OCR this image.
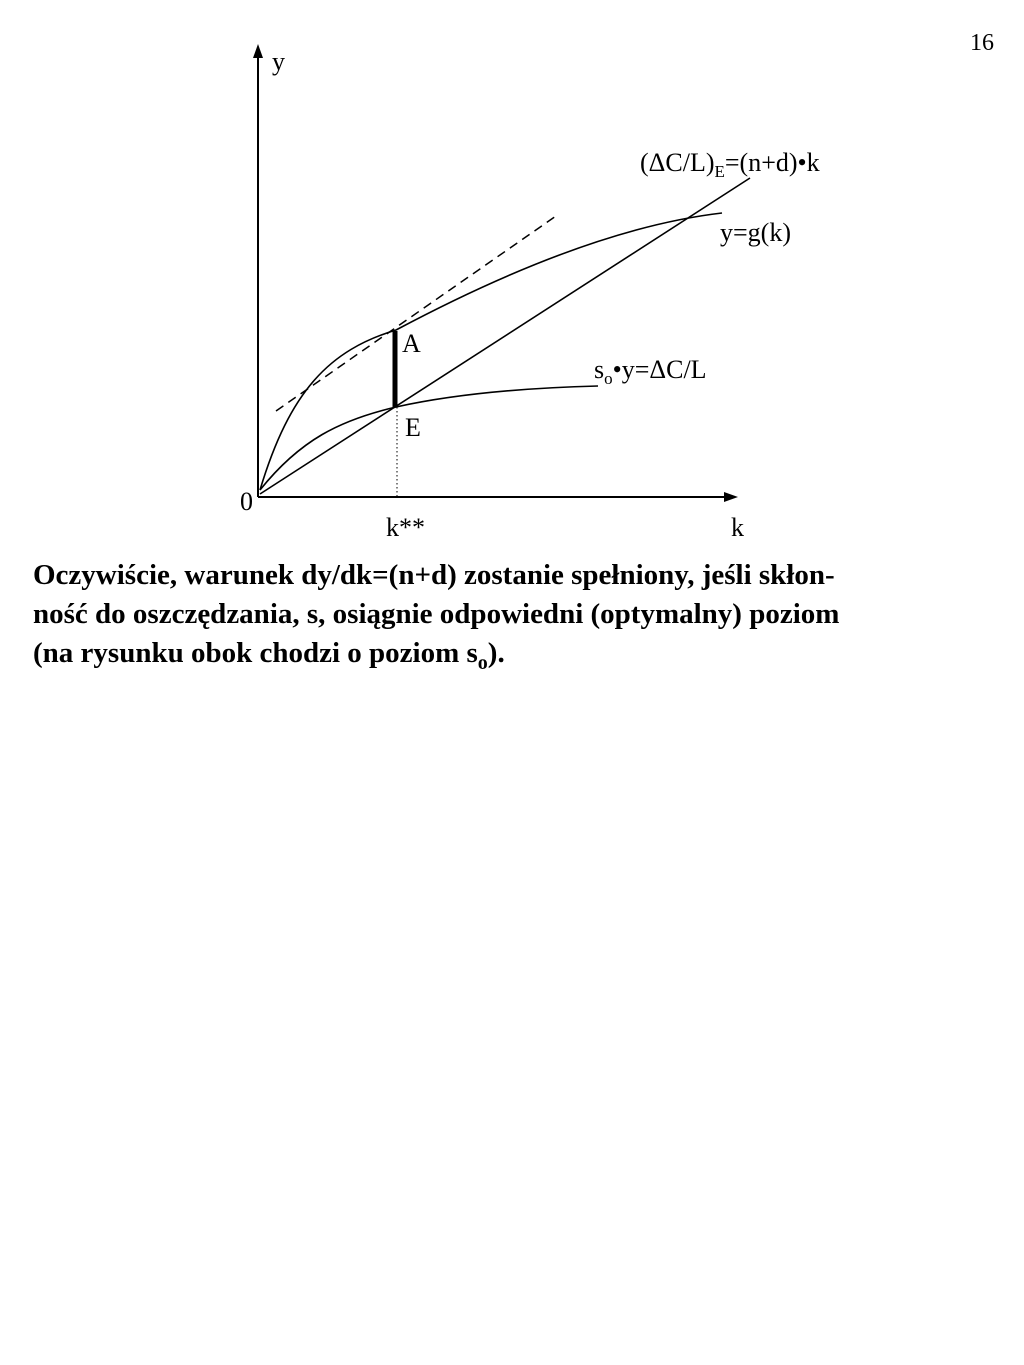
16
y
k
0
k**
A
E
$(\Delta C/L)_E=(n+d)•k$
y=g(k)
$s_o•y=\Delta C/L$

Oczywiście, warunek dy/dk=(n+d) zostanie spełniony, jeśli skłon-
ność do oszczędzania, s, osiągnie odpowiedni (optymalny) poziom
(na rysunku obok chodzi o poziom $s_o$).
